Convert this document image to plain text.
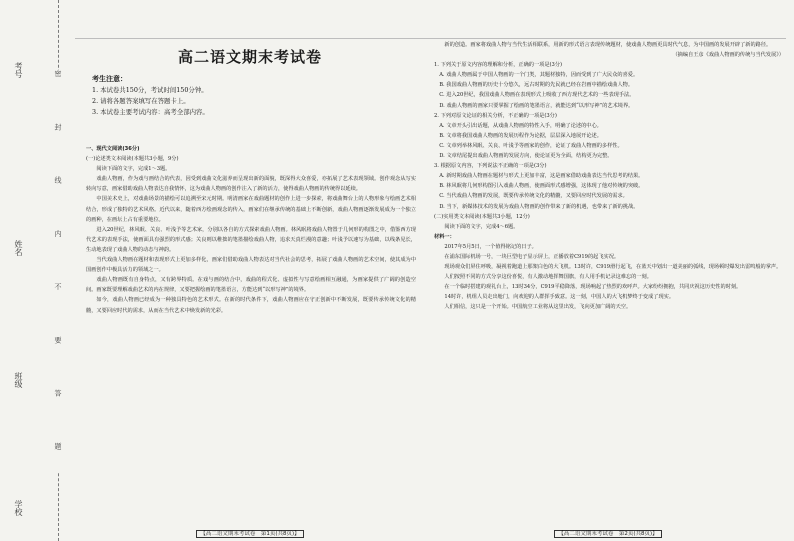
学校
班级
姓名
考号	密 封 线 内 不 要 答 题
高二语文期末考试卷

考生注意：

1. 本试卷共150分，考试时间150分钟。

2. 请将各题答案填写在答题卡上。

3. 本试卷主要考试内容：高考全部内容。

一、现代文阅读(36分)

(一)论述类文本阅读(本题共3小题，9分)

阅读下面的文字，完成1～3题。

戏曲人物画，作为戏与画结合的代表，因受到戏曲文化滋养而呈现出新的面貌，既深得大众喜爱，亦拓展了艺术表现领域。创作观念从写实转向写意，画家借助戏曲人物表达自我情怀，这为戏曲人物画的创作注入了新的活力，使得戏曲人物画的传统得以延续。

中国美术史上，对戏曲场景的描绘可以追溯至宋元时期。明清画家在戏曲题材的创作上进一步探索，将戏曲舞台上的人物形象与绘画艺术相结合，形成了独特的艺术风格。近代以来，随着西方绘画观念的传入，画家们在继承传统的基础上不断创新，戏曲人物画逐渐发展成为一个独立的画种，在画坛上占有重要地位。

进入20世纪，林风眠、关良、叶浅予等艺术家，分别以各自的方式探索戏曲人物画。林风眠将戏曲人物置于几何形的构图之中，借鉴西方现代艺术的表现手法，使画面具有强烈的形式感；关良则以稚拙的笔墨描绘戏曲人物，追求天真烂漫的意趣；叶浅予以速写为基础，以线条见长，生动地表现了戏曲人物的动态与神韵。

当代戏曲人物画在题材和表现形式上更加多样化，画家们借助戏曲人物表达对当代社会的思考，拓展了戏曲人物画的艺术空间，使其成为中国画创作中极具活力的领域之一。

戏曲人物画既有自身特点，又有跨界特质。在戏与画的结合中，戏曲的程式化、虚拟性与写意绘画相互融通，为画家提供了广阔的创造空间。画家既要理解戏曲艺术的内在规律，又要把握绘画的笔墨语言，方能达到“以形写神”的境界。

如今，戏曲人物画已经成为一种独具特色的艺术形式。在新的时代条件下，戏曲人物画应在守正创新中不断发展，既要传承传统文化的精髓，又要回应时代的需求，从而在当代艺术中焕发新的光彩。

【高二语文期末考试卷　第1页(共8页)】

新的创造。画家将戏曲人物与当代生活相联系，用新的形式语言表现传统题材，使戏曲人物画更具时代气息，为中国画的发展开辟了新的路径。

（摘编自王彦《戏曲人物画的传统与当代发展》）

1. 下列关于原文内容的理解和分析，正确的一项是(3分)

A. 戏曲人物画属于中国人物画的一个门类，其题材独特，因而受到了广大民众的喜爱。

B. 我国戏曲人物画的历史十分悠久，远古时期的先民就已经在岩画中描绘戏曲人物。

C. 进入20世纪，我国戏曲人物画在表现形式上吸收了西方现代艺术的一些表现手法。

D. 戏曲人物画的画家只要掌握了绘画的笔墨语言，就能达到“以形写神”的艺术境界。

2. 下列对原文论证的相关分析，不正确的一项是(3分)

A. 文章开头引出话题，从戏曲人物画的特性入手，明确了论述的中心。

B. 文章将我国戏曲人物画的发展历程作为论据，层层深入地展开论述。

C. 文章列举林风眠、关良、叶浅予等画家的创作，论证了戏曲人物画的多样性。

D. 文章结尾提出戏曲人物画的发展方向，使论证更为全面，结构更为完整。

3. 根据原文内容，下列说法不正确的一项是(3分)

A. 新时期戏曲人物画在题材与形式上更加丰富，这是画家借助戏曲表达当代思考的结果。

B. 林风眠将几何形构图引入戏曲人物画，使画面形式感增强，这体现了他对传统的突破。

C. 当代戏曲人物画的发展，既要传承传统文化的精髓，又要回应时代发展的需求。

D. 当下，新媒体技术的发展为戏曲人物画的创作带来了新的机遇，也带来了新的挑战。

(二)实用类文本阅读(本题共3小题，12分)

阅读下面的文字，完成4～6题。

材料一：

2017年5月5日，一个值得铭记的日子。

在浦东国际机场一号，一块巨型电子显示屏上，正播放着C919的起飞实况。

现场观众们屏住呼吸，凝视着跑道上那架白色的大飞机。13时许，C919滑行起飞，在蓝天中划出一道美丽的弧线，现场顿时爆发出雷鸣般的掌声。

人们按照不同的方式分享这份喜悦，有人激动地挥舞国旗，有人用手机记录这难忘的一刻。

在一个临时搭建的观礼台上，13时34分，C919平稳降落，现场响起了热烈的欢呼声。大家纷纷拥抱，共同庆祝这历史性的时刻。

14时许，机组人员走出舱门，向欢迎的人群挥手致意。这一刻，中国人的大飞机梦终于变成了现实。

人们相信，这只是一个开始。中国航空工业将从这里出发，飞向更加广阔的天空。

【高二语文期末考试卷　第2页(共8页)】
